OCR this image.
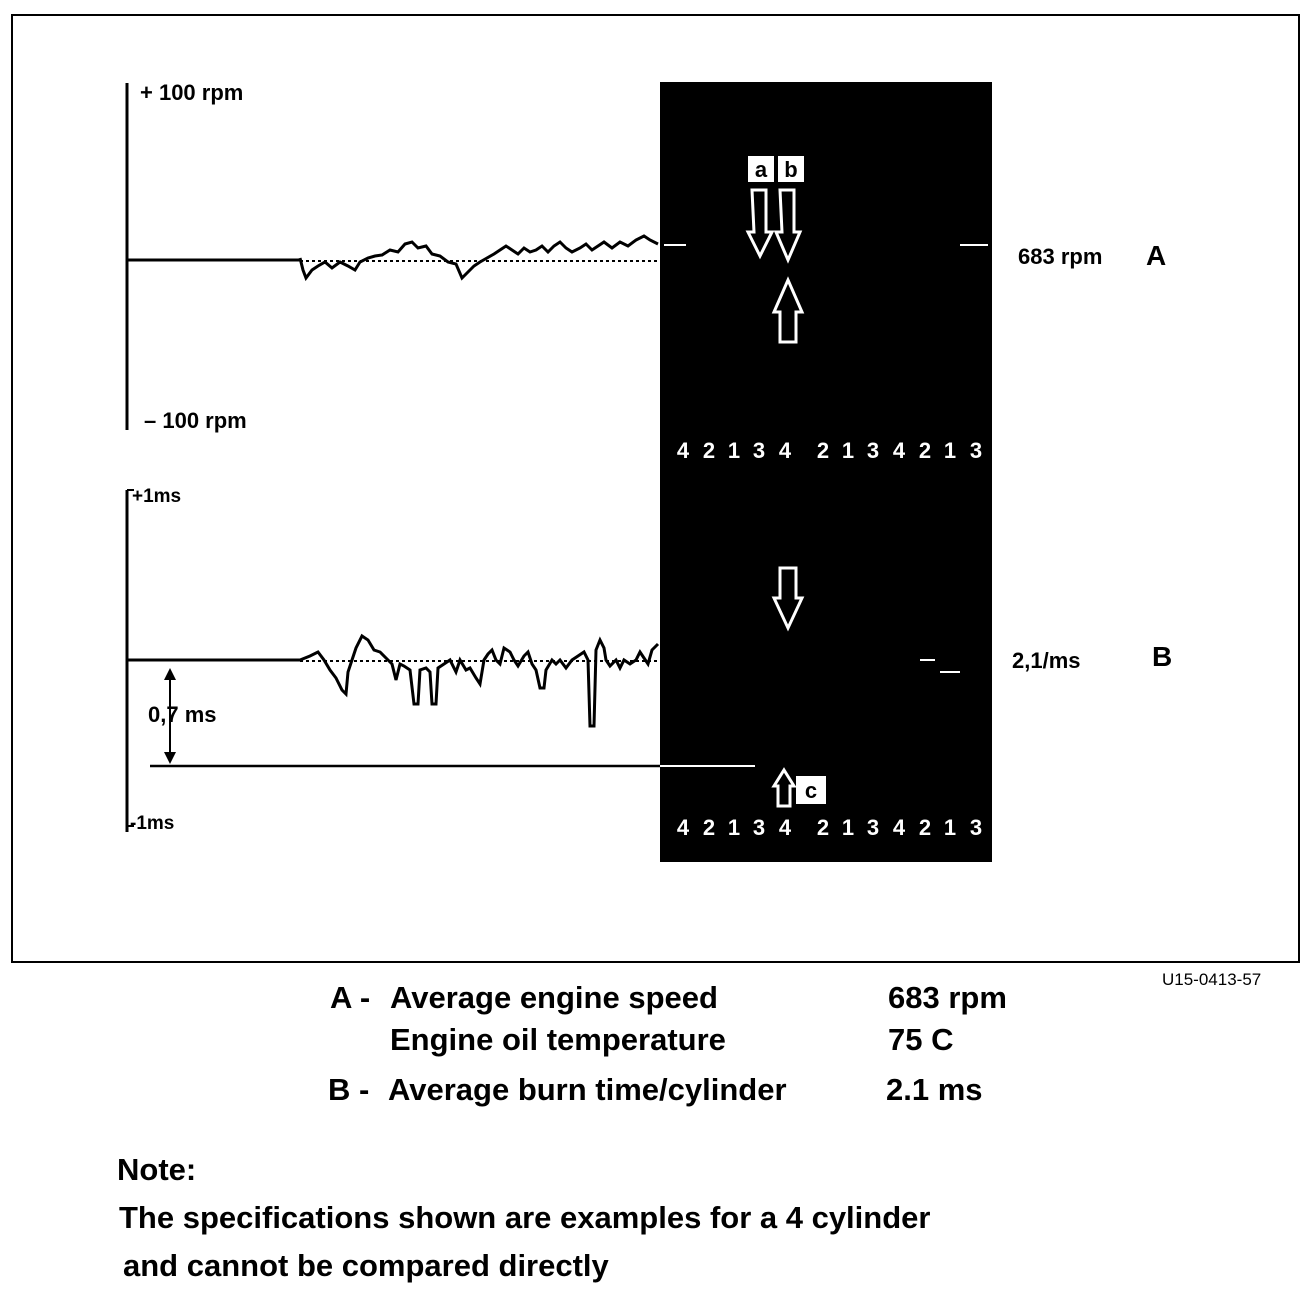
a b
c
4 2 1 3 4 2 1 3 4 2 1 3
4 2 1 3 4 2 1 3 4 2 1 3
+ 100 rpm
– 100 rpm
683 rpm A
+1ms
-1ms
0,7 ms
2,1/ms	B
U15-0413-57
A - Average engine speed	683 rpm
Engine oil temperature	75 C
B - Average burn time/cylinder	2.1 ms
Note:
The specifications shown are examples for a 4 cylinder
and cannot be compared directly
